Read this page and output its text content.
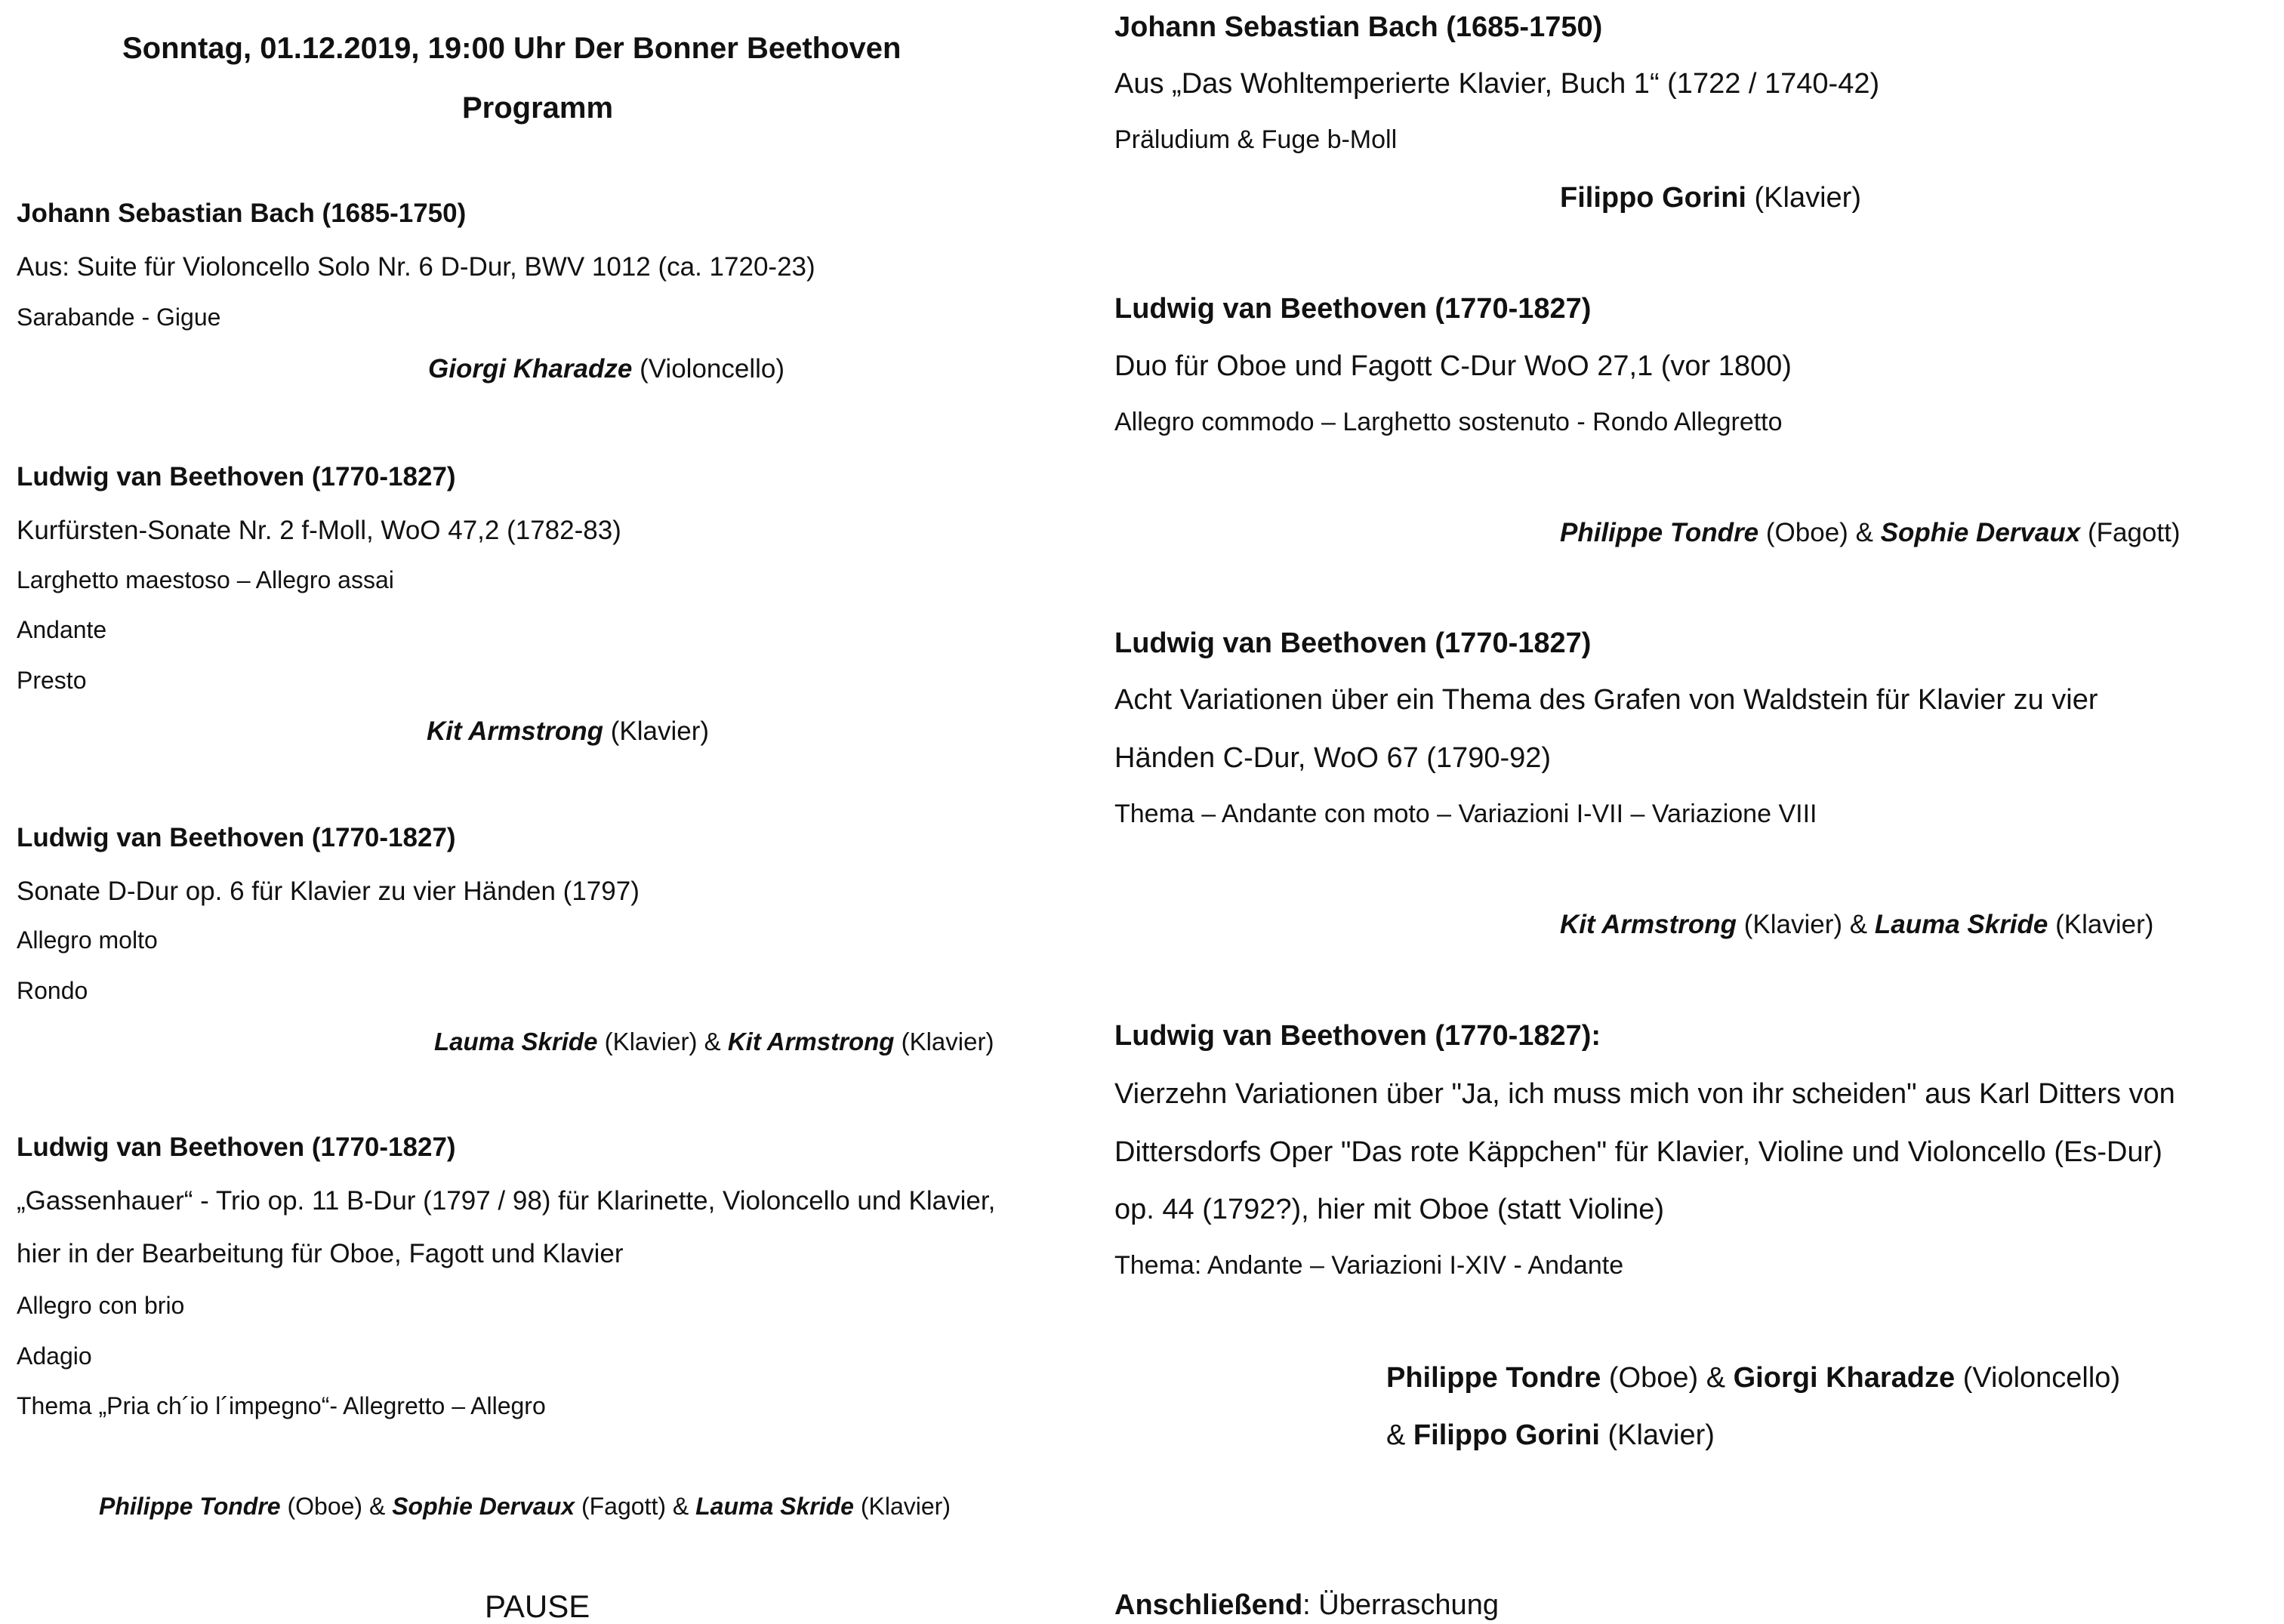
Sonntag, 01.12.2019, 19:00 Uhr Der Bonner Beethoven
Programm
Johann Sebastian Bach (1685-1750)
Aus: Suite für Violoncello Solo Nr. 6 D-Dur, BWV 1012 (ca. 1720-23)
Sarabande - Gigue
Giorgi Kharadze (Violoncello)
Ludwig van Beethoven (1770-1827)
Kurfürsten-Sonate Nr. 2 f-Moll, WoO 47,2 (1782-83)
Larghetto maestoso – Allegro assai
Andante
Presto
Kit Armstrong (Klavier)
Ludwig van Beethoven (1770-1827)
Sonate D-Dur op. 6 für Klavier zu vier Händen (1797)
Allegro molto
Rondo
Lauma Skride (Klavier) & Kit Armstrong (Klavier)
Ludwig van Beethoven (1770-1827)
„Gassenhauer“ - Trio op. 11 B-Dur (1797 / 98) für Klarinette, Violoncello und Klavier,
hier in der Bearbeitung für Oboe, Fagott und Klavier
Allegro con brio
Adagio
Thema „Pria ch´io l´impegno“- Allegretto – Allegro
Philippe Tondre (Oboe) & Sophie Dervaux (Fagott) & Lauma Skride (Klavier)
PAUSE
Johann Sebastian Bach (1685-1750)
Aus „Das Wohltemperierte Klavier, Buch 1“ (1722 / 1740-42)
Präludium & Fuge b-Moll
Filippo Gorini (Klavier)
Ludwig van Beethoven (1770-1827)
Duo für Oboe und Fagott C-Dur WoO 27,1 (vor 1800)
Allegro commodo – Larghetto sostenuto - Rondo Allegretto
Philippe Tondre (Oboe) & Sophie Dervaux (Fagott)
Ludwig van Beethoven (1770-1827)
Acht Variationen über ein Thema des Grafen von Waldstein für Klavier zu vier
Händen C-Dur, WoO 67 (1790-92)
Thema – Andante con moto – Variazioni I-VII – Variazione VIII
Kit Armstrong (Klavier) & Lauma Skride (Klavier)
Ludwig van Beethoven (1770-1827):
Vierzehn Variationen über "Ja, ich muss mich von ihr scheiden" aus Karl Ditters von
Dittersdorfs Oper "Das rote Käppchen" für Klavier, Violine und Violoncello (Es-Dur)
op. 44 (1792?), hier mit Oboe (statt Violine)
Thema: Andante – Variazioni I-XIV - Andante
Philippe Tondre (Oboe) & Giorgi Kharadze (Violoncello)
& Filippo Gorini (Klavier)
Anschließend: Überraschung
